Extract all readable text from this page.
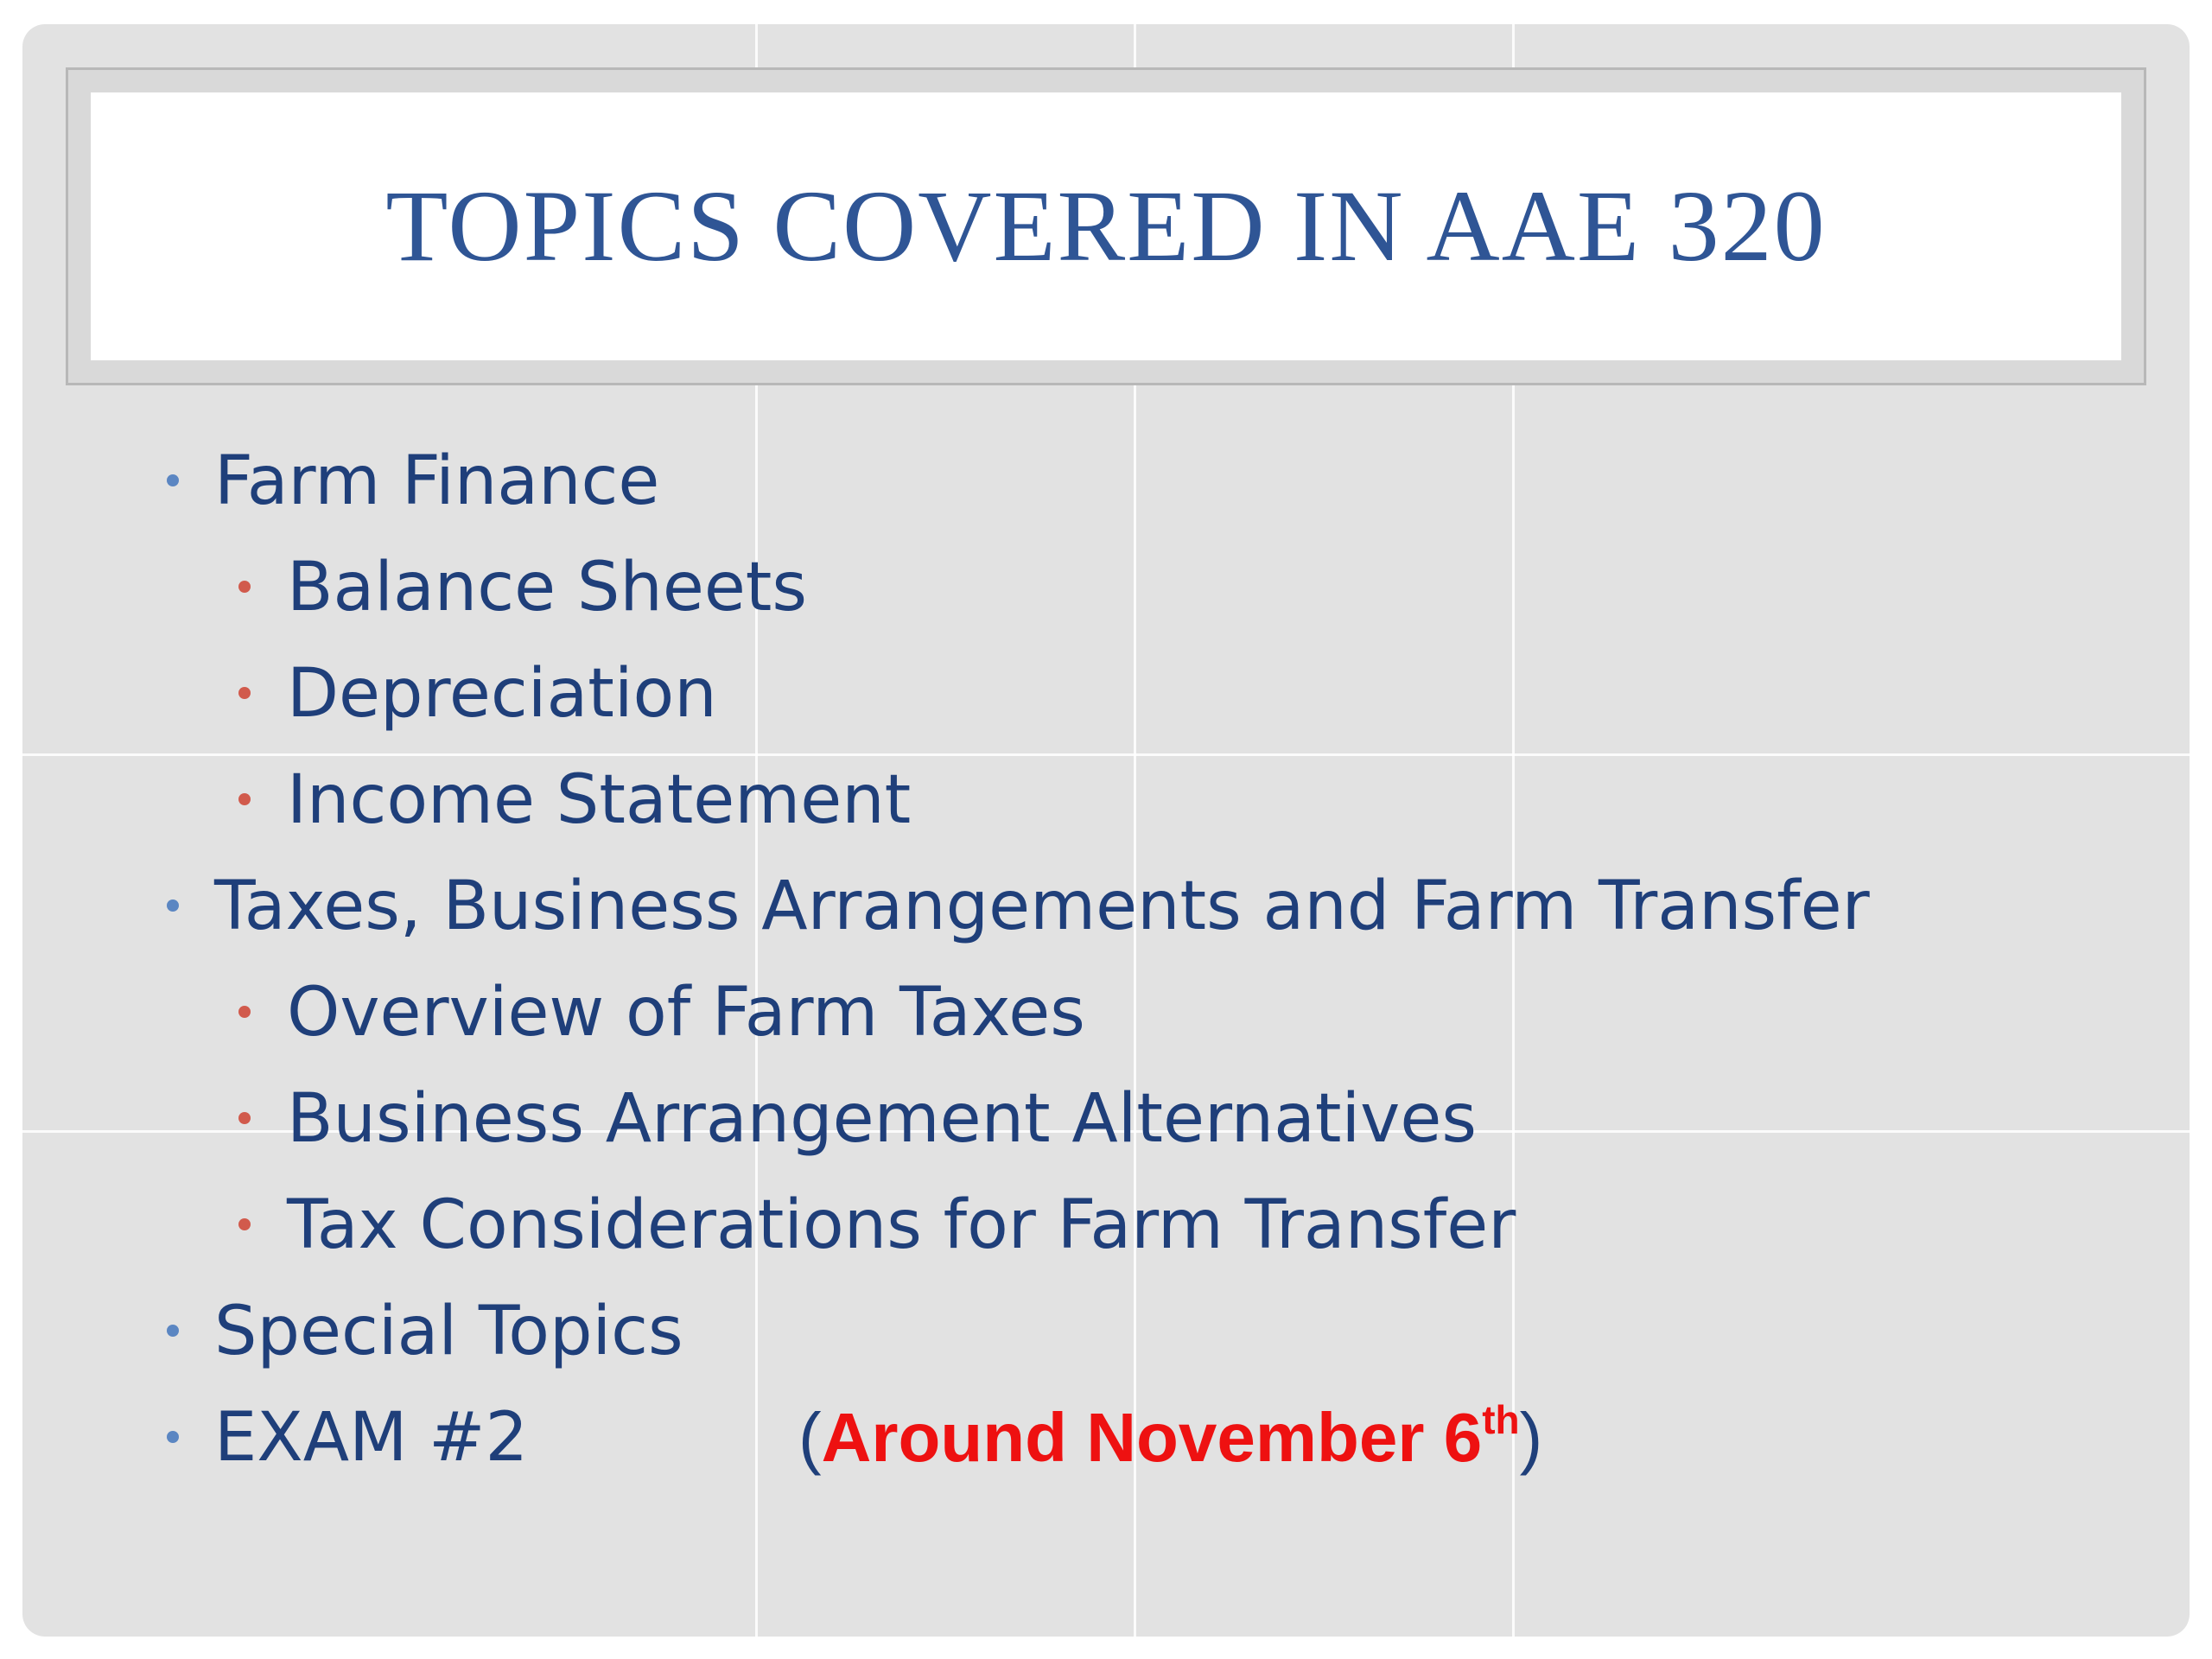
TOPICS COVERED IN AAE 320
Farm Finance
Balance Sheets
Depreciation
Income Statement
Taxes, Business Arrangements and Farm Transfer
Overview of Farm Taxes
Business Arrangement Alternatives
Tax Considerations for Farm Transfer
Special Topics
EXAM #2	(Around November 6th)
